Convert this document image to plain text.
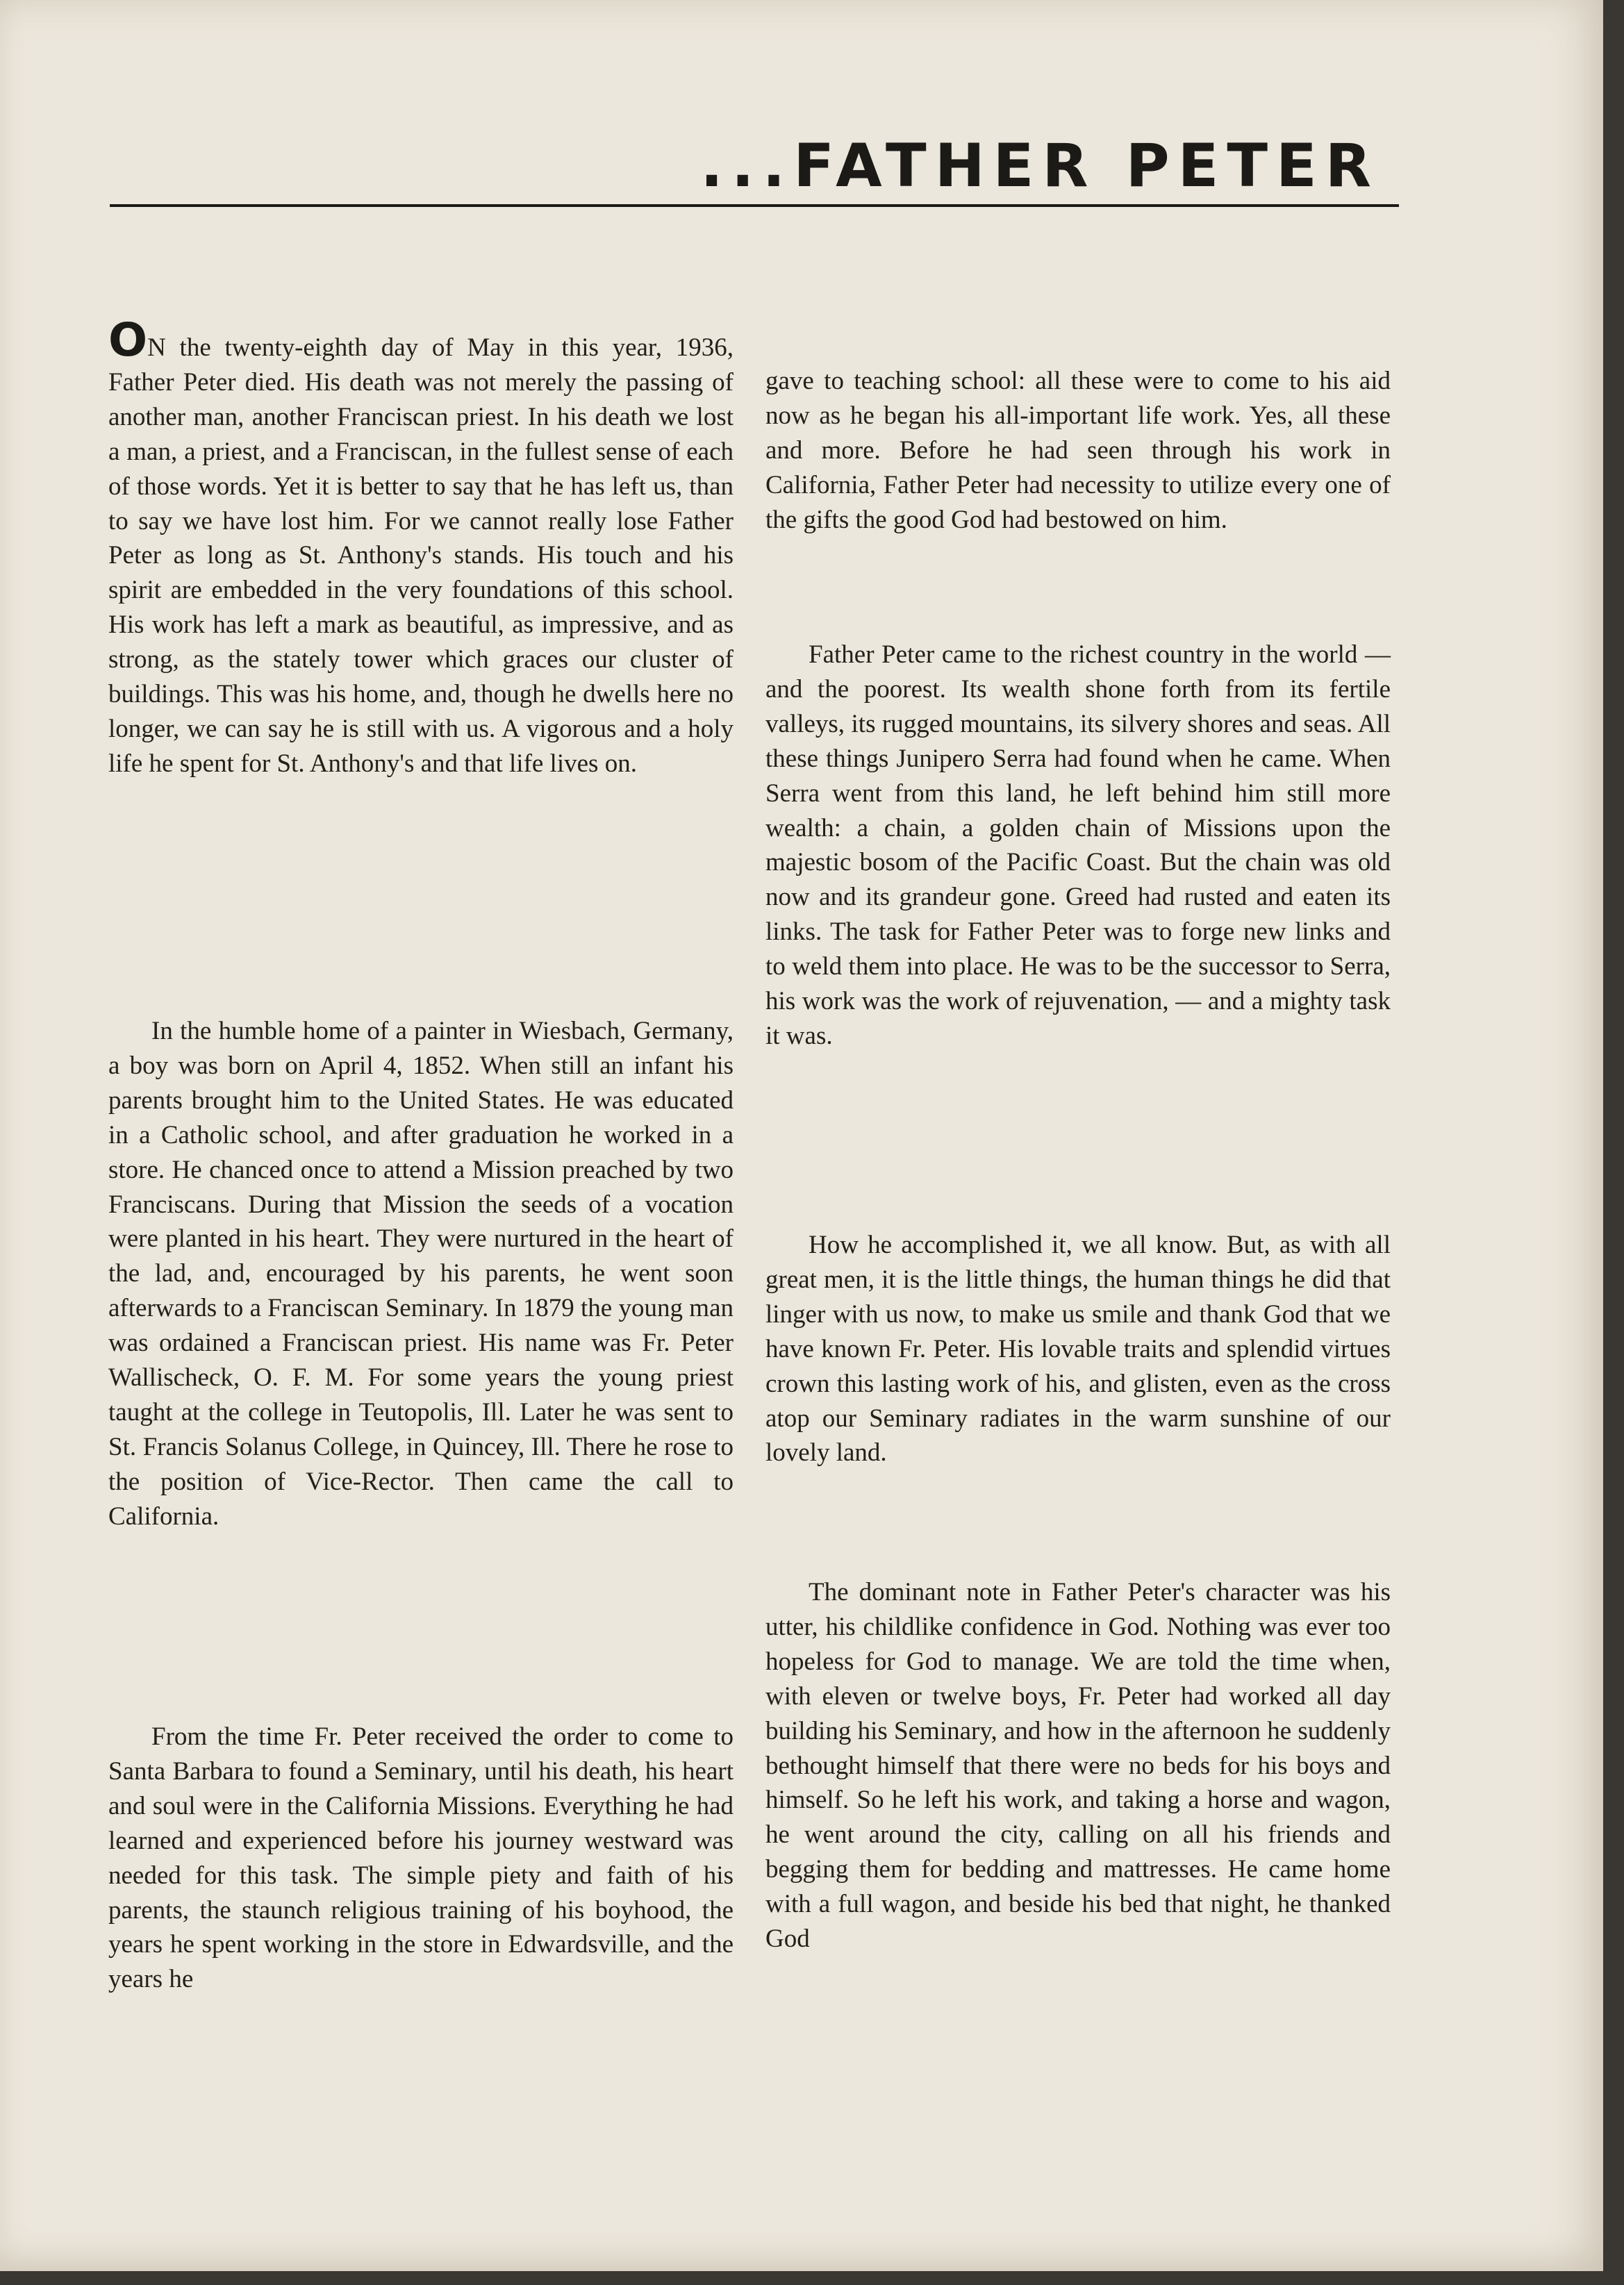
...FATHER PETER

ON the twenty-eighth day of May in this year, 1936, Father Peter died. His death was not merely the passing of another man, another Franciscan priest. In his death we lost a man, a priest, and a Franciscan, in the fullest sense of each of those words. Yet it is better to say that he has left us, than to say we have lost him. For we cannot really lose Father Peter as long as St. Anthony's stands. His touch and his spirit are embedded in the very foundations of this school. His work has left a mark as beautiful, as impressive, and as strong, as the stately tower which graces our cluster of buildings. This was his home, and, though he dwells here no longer, we can say he is still with us. A vigorous and a holy life he spent for St. Anthony's and that life lives on.

In the humble home of a painter in Wiesbach, Germany, a boy was born on April 4, 1852. When still an infant his parents brought him to the United States. He was educated in a Catholic school, and after graduation he worked in a store. He chanced once to attend a Mission preached by two Franciscans. During that Mission the seeds of a vocation were planted in his heart. They were nurtured in the heart of the lad, and, encouraged by his parents, he went soon afterwards to a Franciscan Seminary. In 1879 the young man was ordained a Franciscan priest. His name was Fr. Peter Wallischeck, O. F. M. For some years the young priest taught at the college in Teutopolis, Ill. Later he was sent to St. Francis Solanus College, in Quincey, Ill. There he rose to the position of Vice-Rector. Then came the call to California.

From the time Fr. Peter received the order to come to Santa Barbara to found a Seminary, until his death, his heart and soul were in the California Missions. Everything he had learned and experienced before his journey westward was needed for this task. The simple piety and faith of his parents, the staunch religious training of his boyhood, the years he spent working in the store in Edwardsville, and the years he

gave to teaching school: all these were to come to his aid now as he began his all-important life work. Yes, all these and more. Before he had seen through his work in California, Father Peter had necessity to utilize every one of the gifts the good God had bestowed on him.

Father Peter came to the richest country in the world — and the poorest. Its wealth shone forth from its fertile valleys, its rugged mountains, its silvery shores and seas. All these things Junipero Serra had found when he came. When Serra went from this land, he left behind him still more wealth: a chain, a golden chain of Missions upon the majestic bosom of the Pacific Coast. But the chain was old now and its grandeur gone. Greed had rusted and eaten its links. The task for Father Peter was to forge new links and to weld them into place. He was to be the successor to Serra, his work was the work of rejuvenation, — and a mighty task it was.

How he accomplished it, we all know. But, as with all great men, it is the little things, the human things he did that linger with us now, to make us smile and thank God that we have known Fr. Peter. His lovable traits and splendid virtues crown this lasting work of his, and glisten, even as the cross atop our Seminary radiates in the warm sunshine of our lovely land.

The dominant note in Father Peter's character was his utter, his childlike confidence in God. Nothing was ever too hopeless for God to manage. We are told the time when, with eleven or twelve boys, Fr. Peter had worked all day building his Seminary, and how in the afternoon he suddenly bethought himself that there were no beds for his boys and himself. So he left his work, and taking a horse and wagon, he went around the city, calling on all his friends and begging them for bedding and mattresses. He came home with a full wagon, and beside his bed that night, he thanked God
